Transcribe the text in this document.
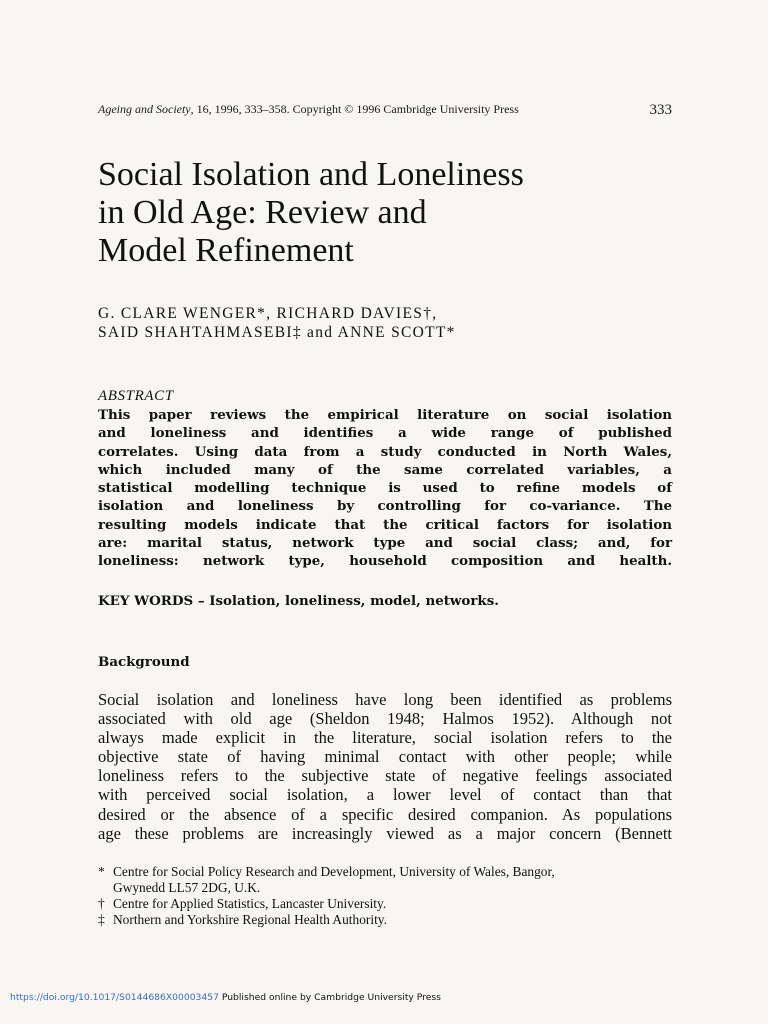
Ageing and Society, 16, 1996, 333–358. Copyright © 1996 Cambridge University Press	333
Social Isolation and Loneliness
in Old Age: Review and
Model Refinement
G. CLARE WENGER*, RICHARD DAVIES†,
SAID SHAHTAHMASEBI‡ and ANNE SCOTT*
ABSTRACT
This paper reviews the empirical literature on social isolation
and loneliness and identifies a wide range of published
correlates. Using data from a study conducted in North Wales,
which included many of the same correlated variables, a
statistical modelling technique is used to refine models of
isolation and loneliness by controlling for co-variance. The
resulting models indicate that the critical factors for isolation
are: marital status, network type and social class; and, for
loneliness: network type, household composition and health.
KEY WORDS – Isolation, loneliness, model, networks.
Background
Social isolation and loneliness have long been identified as problems
associated with old age (Sheldon 1948; Halmos 1952). Although not
always made explicit in the literature, social isolation refers to the
objective state of having minimal contact with other people; while
loneliness refers to the subjective state of negative feelings associated
with perceived social isolation, a lower level of contact than that
desired or the absence of a specific desired companion. As populations
age these problems are increasingly viewed as a major concern (Bennett
* Centre for Social Policy Research and Development, University of Wales, Bangor,
Gwynedd LL57 2DG, U.K.
† Centre for Applied Statistics, Lancaster University.
‡ Northern and Yorkshire Regional Health Authority.
https://doi.org/10.1017/S0144686X00003457 Published online by Cambridge University Press
